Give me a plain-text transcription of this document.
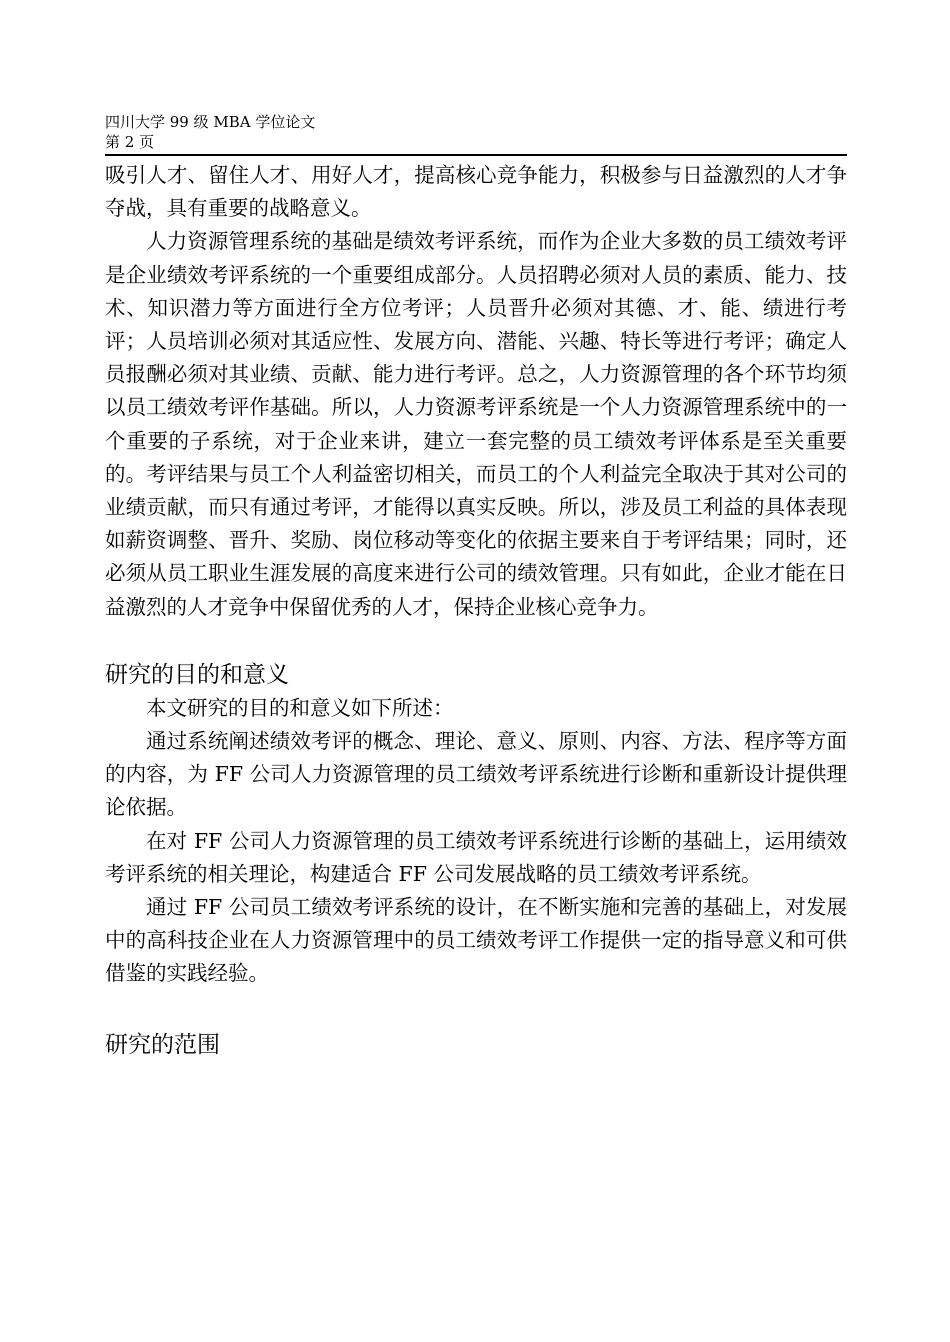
四川大学 99 级 MBA 学位论文

第 2 页

吸引人才、留住人才、用好人才，提高核心竞争能力，积极参与日益激烈的人才争夺战，具有重要的战略意义。

人力资源管理系统的基础是绩效考评系统，而作为企业大多数的员工绩效考评是企业绩效考评系统的一个重要组成部分。人员招聘必须对人员的素质、能力、技术、知识潜力等方面进行全方位考评；人员晋升必须对其德、才、能、绩进行考评；人员培训必须对其适应性、发展方向、潜能、兴趣、特长等进行考评；确定人员报酬必须对其业绩、贡献、能力进行考评。总之，人力资源管理的各个环节均须以员工绩效考评作基础。所以，人力资源考评系统是一个人力资源管理系统中的一个重要的子系统，对于企业来讲，建立一套完整的员工绩效考评体系是至关重要的。考评结果与员工个人利益密切相关，而员工的个人利益完全取决于其对公司的业绩贡献，而只有通过考评，才能得以真实反映。所以，涉及员工利益的具体表现如薪资调整、晋升、奖励、岗位移动等变化的依据主要来自于考评结果；同时，还必须从员工职业生涯发展的高度来进行公司的绩效管理。只有如此，企业才能在日益激烈的人才竞争中保留优秀的人才，保持企业核心竞争力。

研究的目的和意义

本文研究的目的和意义如下所述：

通过系统阐述绩效考评的概念、理论、意义、原则、内容、方法、程序等方面的内容，为 FF 公司人力资源管理的员工绩效考评系统进行诊断和重新设计提供理论依据。

在对 FF 公司人力资源管理的员工绩效考评系统进行诊断的基础上，运用绩效考评系统的相关理论，构建适合 FF 公司发展战略的员工绩效考评系统。

通过 FF 公司员工绩效考评系统的设计，在不断实施和完善的基础上，对发展中的高科技企业在人力资源管理中的员工绩效考评工作提供一定的指导意义和可供借鉴的实践经验。

研究的范围
